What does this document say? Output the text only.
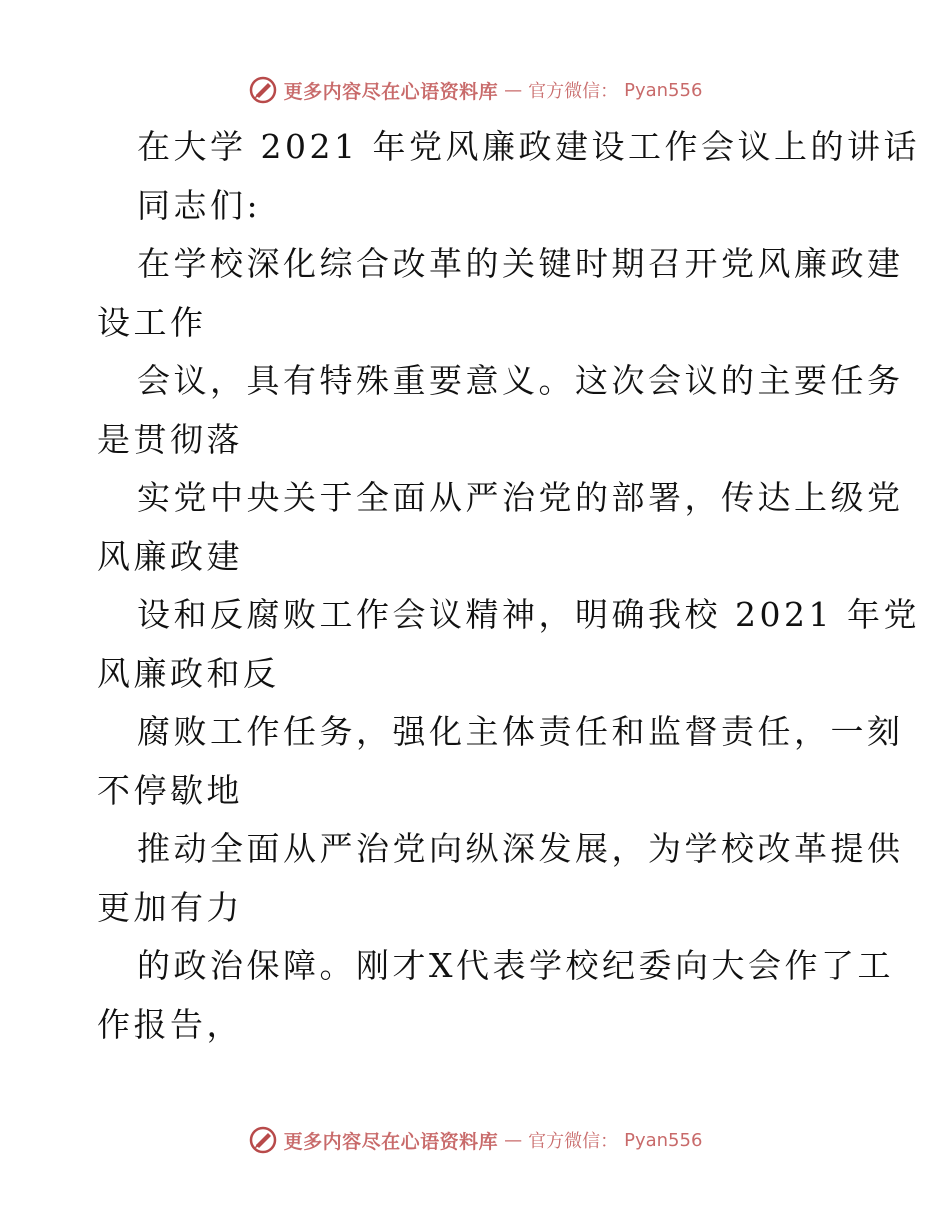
更多内容尽在心语资料库 — 官方微信： Pyan556
在大学 2021 年党风廉政建设工作会议上的讲话
同志们:
在学校深化综合改革的关键时期召开党风廉政建
设工作
会议，具有特殊重要意义。这次会议的主要任务
是贯彻落
实党中央关于全面从严治党的部署，传达上级党
风廉政建
设和反腐败工作会议精神，明确我校 2021 年党
风廉政和反
腐败工作任务，强化主体责任和监督责任，一刻
不停歇地
推动全面从严治党向纵深发展，为学校改革提供
更加有力
的政治保障。刚才X代表学校纪委向大会作了工
作报告，
更多内容尽在心语资料库 — 官方微信： Pyan556
